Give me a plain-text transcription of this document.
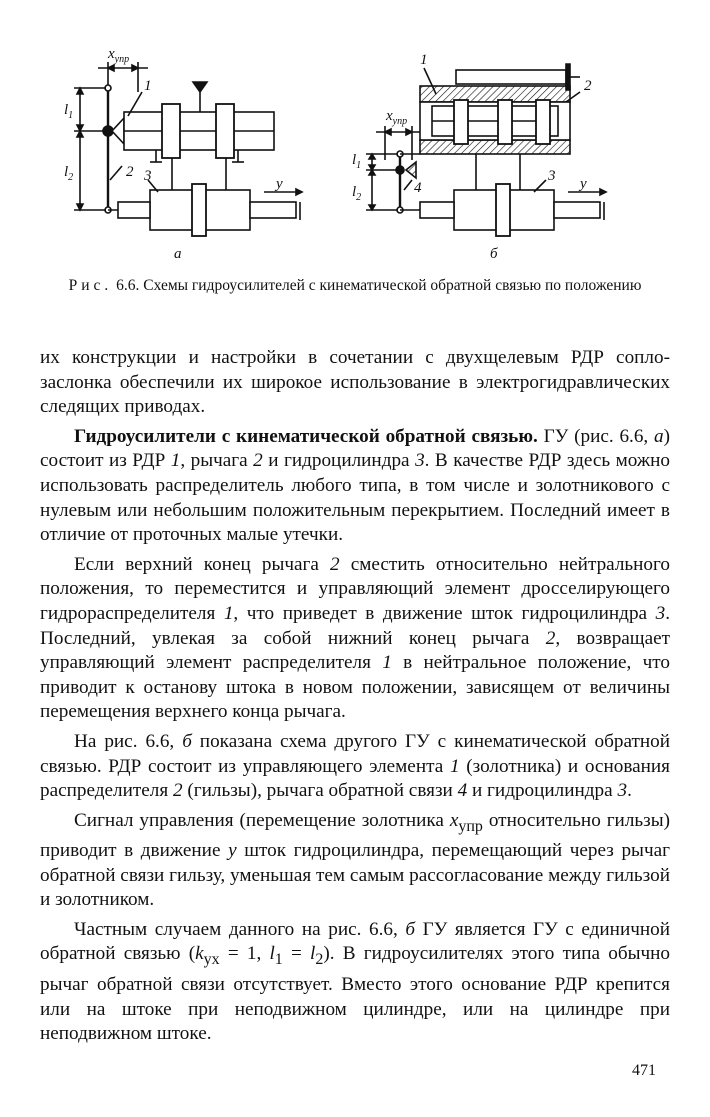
$x_{упр}$
$l_1$
$l_2$
1
2 3	y
а
1
2
$x_{упр}$
$l_1$
$l_2$
4
3 y
б
Рис. 6.6. Схемы гидроусилителей с кинематической обратной связью по положению

их конструкции и настройки в сочетании с двухщелевым РДР сопло-заслонка обеспечили их широкое использование в электрогидравлических следящих приводах.

Гидроусилители с кинематической обратной связью. ГУ (рис. 6.6, а) состоит из РДР 1, рычага 2 и гидроцилиндра 3. В качестве РДР здесь можно использовать распределитель любого типа, в том числе и золотникового с нулевым или небольшим положительным перекрытием. Последний имеет в отличие от проточных малые утечки.

Если верхний конец рычага 2 сместить относительно нейтрального положения, то переместится и управляющий элемент дросселирующего гидрораспределителя 1, что приведет в движение шток гидроцилиндра 3. Последний, увлекая за собой нижний конец рычага 2, возвращает управляющий элемент распределителя 1 в нейтральное положение, что приводит к останову штока в новом положении, зависящем от величины перемещения верхнего конца рычага.

На рис. 6.6, б показана схема другого ГУ с кинематической обратной связью. РДР состоит из управляющего элемента 1 (золотника) и основания распределителя 2 (гильзы), рычага обратной связи 4 и гидроцилиндра 3.

Сигнал управления (перемещение золотника $x_{упр}$ относительно гильзы) приводит в движение y шток гидроцилиндра, перемещающий через рычаг обратной связи гильзу, уменьшая тем самым рассогласование между гильзой и золотником.

Частным случаем данного на рис. 6.6, б ГУ является ГУ с единичной обратной связью ($k_{ух} = 1$, $l_1 = l_2$). В гидроусилителях этого типа обычно рычаг обратной связи отсутствует. Вместо этого основание РДР крепится или на штоке при неподвижном цилиндре, или на цилиндре при неподвижном штоке.

471
